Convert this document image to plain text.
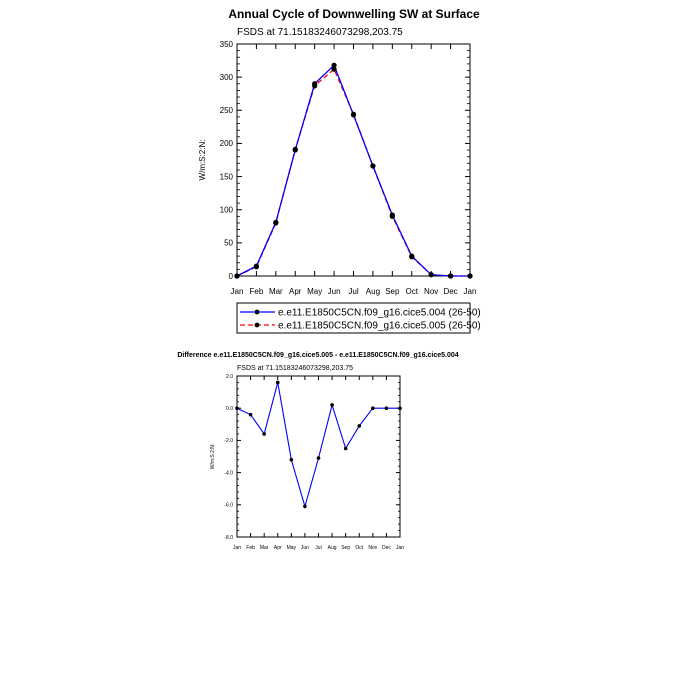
Annual Cycle of Downwelling SW at Surface
FSDS at 71.15183246073298,203.75
W/m:S:2:N:
0
50
100
150
200
250
300
350
Jan Feb Mar Apr May Jun Jul Aug Sep Oct Nov Dec Jan
e.e11.E1850C5CN.f09_g16.cice5.004 (26-50)
e.e11.E1850C5CN.f09_g16.cice5.005 (26-50)
Difference e.e11.E1850C5CN.f09_g16.cice5.005 - e.e11.E1850C5CN.f09_g16.cice5.004
FSDS at 71.15183246073298,203.75
W/m:S:2:N:
-8.0
-6.0
-4.0
-2.0
0.0
2.0
Jan Feb Mar Apr May Jun Jul Aug Sep Oct Nov Dec Jan
